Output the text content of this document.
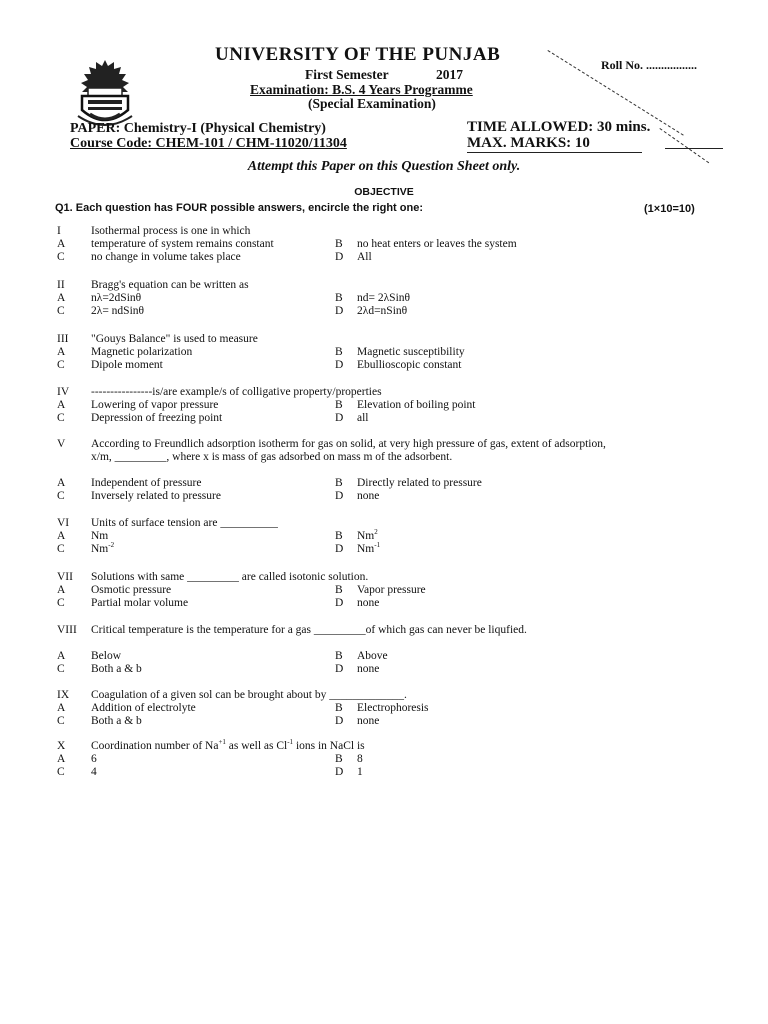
UNIVERSITY OF THE PUNJAB	Roll No. .................
First Semester	2017
Examination: B.S. 4 Years Programme
(Special Examination)
PAPER: Chemistry-I (Physical Chemistry)
Course Code: CHEM-101 / CHM-11020/11304
TIME ALLOWED: 30 mins.
MAX. MARKS: 10
Attempt this Paper on this Question Sheet only.
OBJECTIVE
Q1. Each question has FOUR possible answers, encircle the right one:	(1×10=10)
I	Isothermal process is one in which
A temperature of system remains constant	B no heat enters or leaves the system
C no change in volume takes place	D All
II Bragg's equation can be written as
A nλ=2dSinθ	B nd= 2λSinθ
C 2λ= ndSinθ	D 2λd=nSinθ
III "Gouys Balance" is used to measure
A Magnetic polarization	B Magnetic susceptibility
C Dipole moment	D Ebullioscopic constant
IV ----------------is/are example/s of colligative property/properties
A Lowering of vapor pressure	B Elevation of boiling point
C Depression of freezing point	D all
V According to Freundlich adsorption isotherm for gas on solid, at very high pressure of gas, extent of adsorption, x/m, _________, where x is mass of gas adsorbed on mass m of the adsorbent.
A Independent of pressure	B Directly related to pressure
C Inversely related to pressure	D none
VI Units of surface tension are __________
A Nm	B Nm$^2$
C $Nm^{-2}$	D $Nm^{-1}$
VII Solutions with same _________ are called isotonic solution.
A Osmotic pressure	B Vapor pressure
C Partial molar volume	D none
VIII Critical temperature is the temperature for a gas _________of which gas can never be liqufied.
A Below	B Above
C Both a & b	D none
IX Coagulation of a given sol can be brought about by _____________.
A Addition of electrolyte	B Electrophoresis
C Both a & b	D none
X Coordination number of $Na^{+1}$ as well as $Cl^{-1}$ ions in NaCl is
A 6	B 8
C 4	D 1
